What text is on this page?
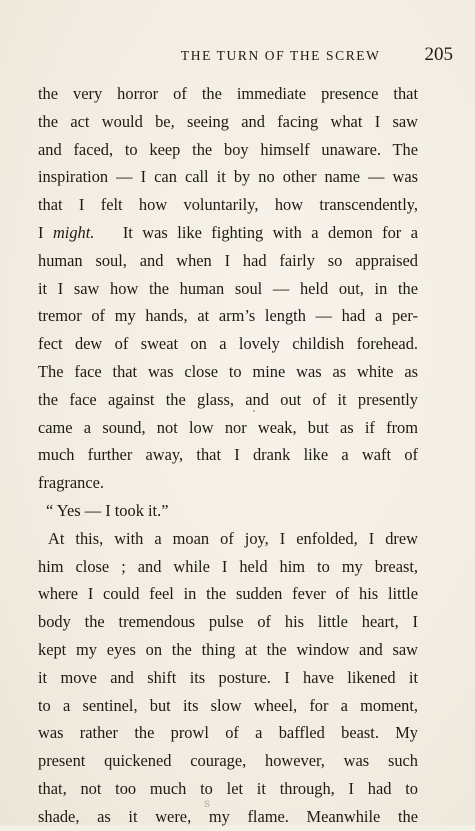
THE TURN OF THE SCREW 205
the very horror of the immediate presence that
the act would be, seeing and facing what I saw
and faced, to keep the boy himself unaware. The
inspiration — I can call it by no other name — was
that I felt how voluntarily, how transcendently,
I might. It was like fighting with a demon for a
human soul, and when I had fairly so appraised
it I saw how the human soul — held out, in the
tremor of my hands, at arm’s length — had a per-
fect dew of sweat on a lovely childish forehead.
The face that was close to mine was as white as
the face against the glass, and out of it presently
came a sound, not low nor weak, but as if from
much further away, that I drank like a waft of
fragrance.
“ Yes — I took it.”
At this, with a moan of joy, I enfolded, I drew
him close ; and while I held him to my breast,
where I could feel in the sudden fever of his little
body the tremendous pulse of his little heart, I
kept my eyes on the thing at the window and saw
it move and shift its posture. I have likened it
to a sentinel, but its slow wheel, for a moment,
was rather the prowl of a baffled beast. My
present quickened courage, however, was such
that, not too much to let it through, I had to
shade, as it were, my flame. Meanwhile the
s
